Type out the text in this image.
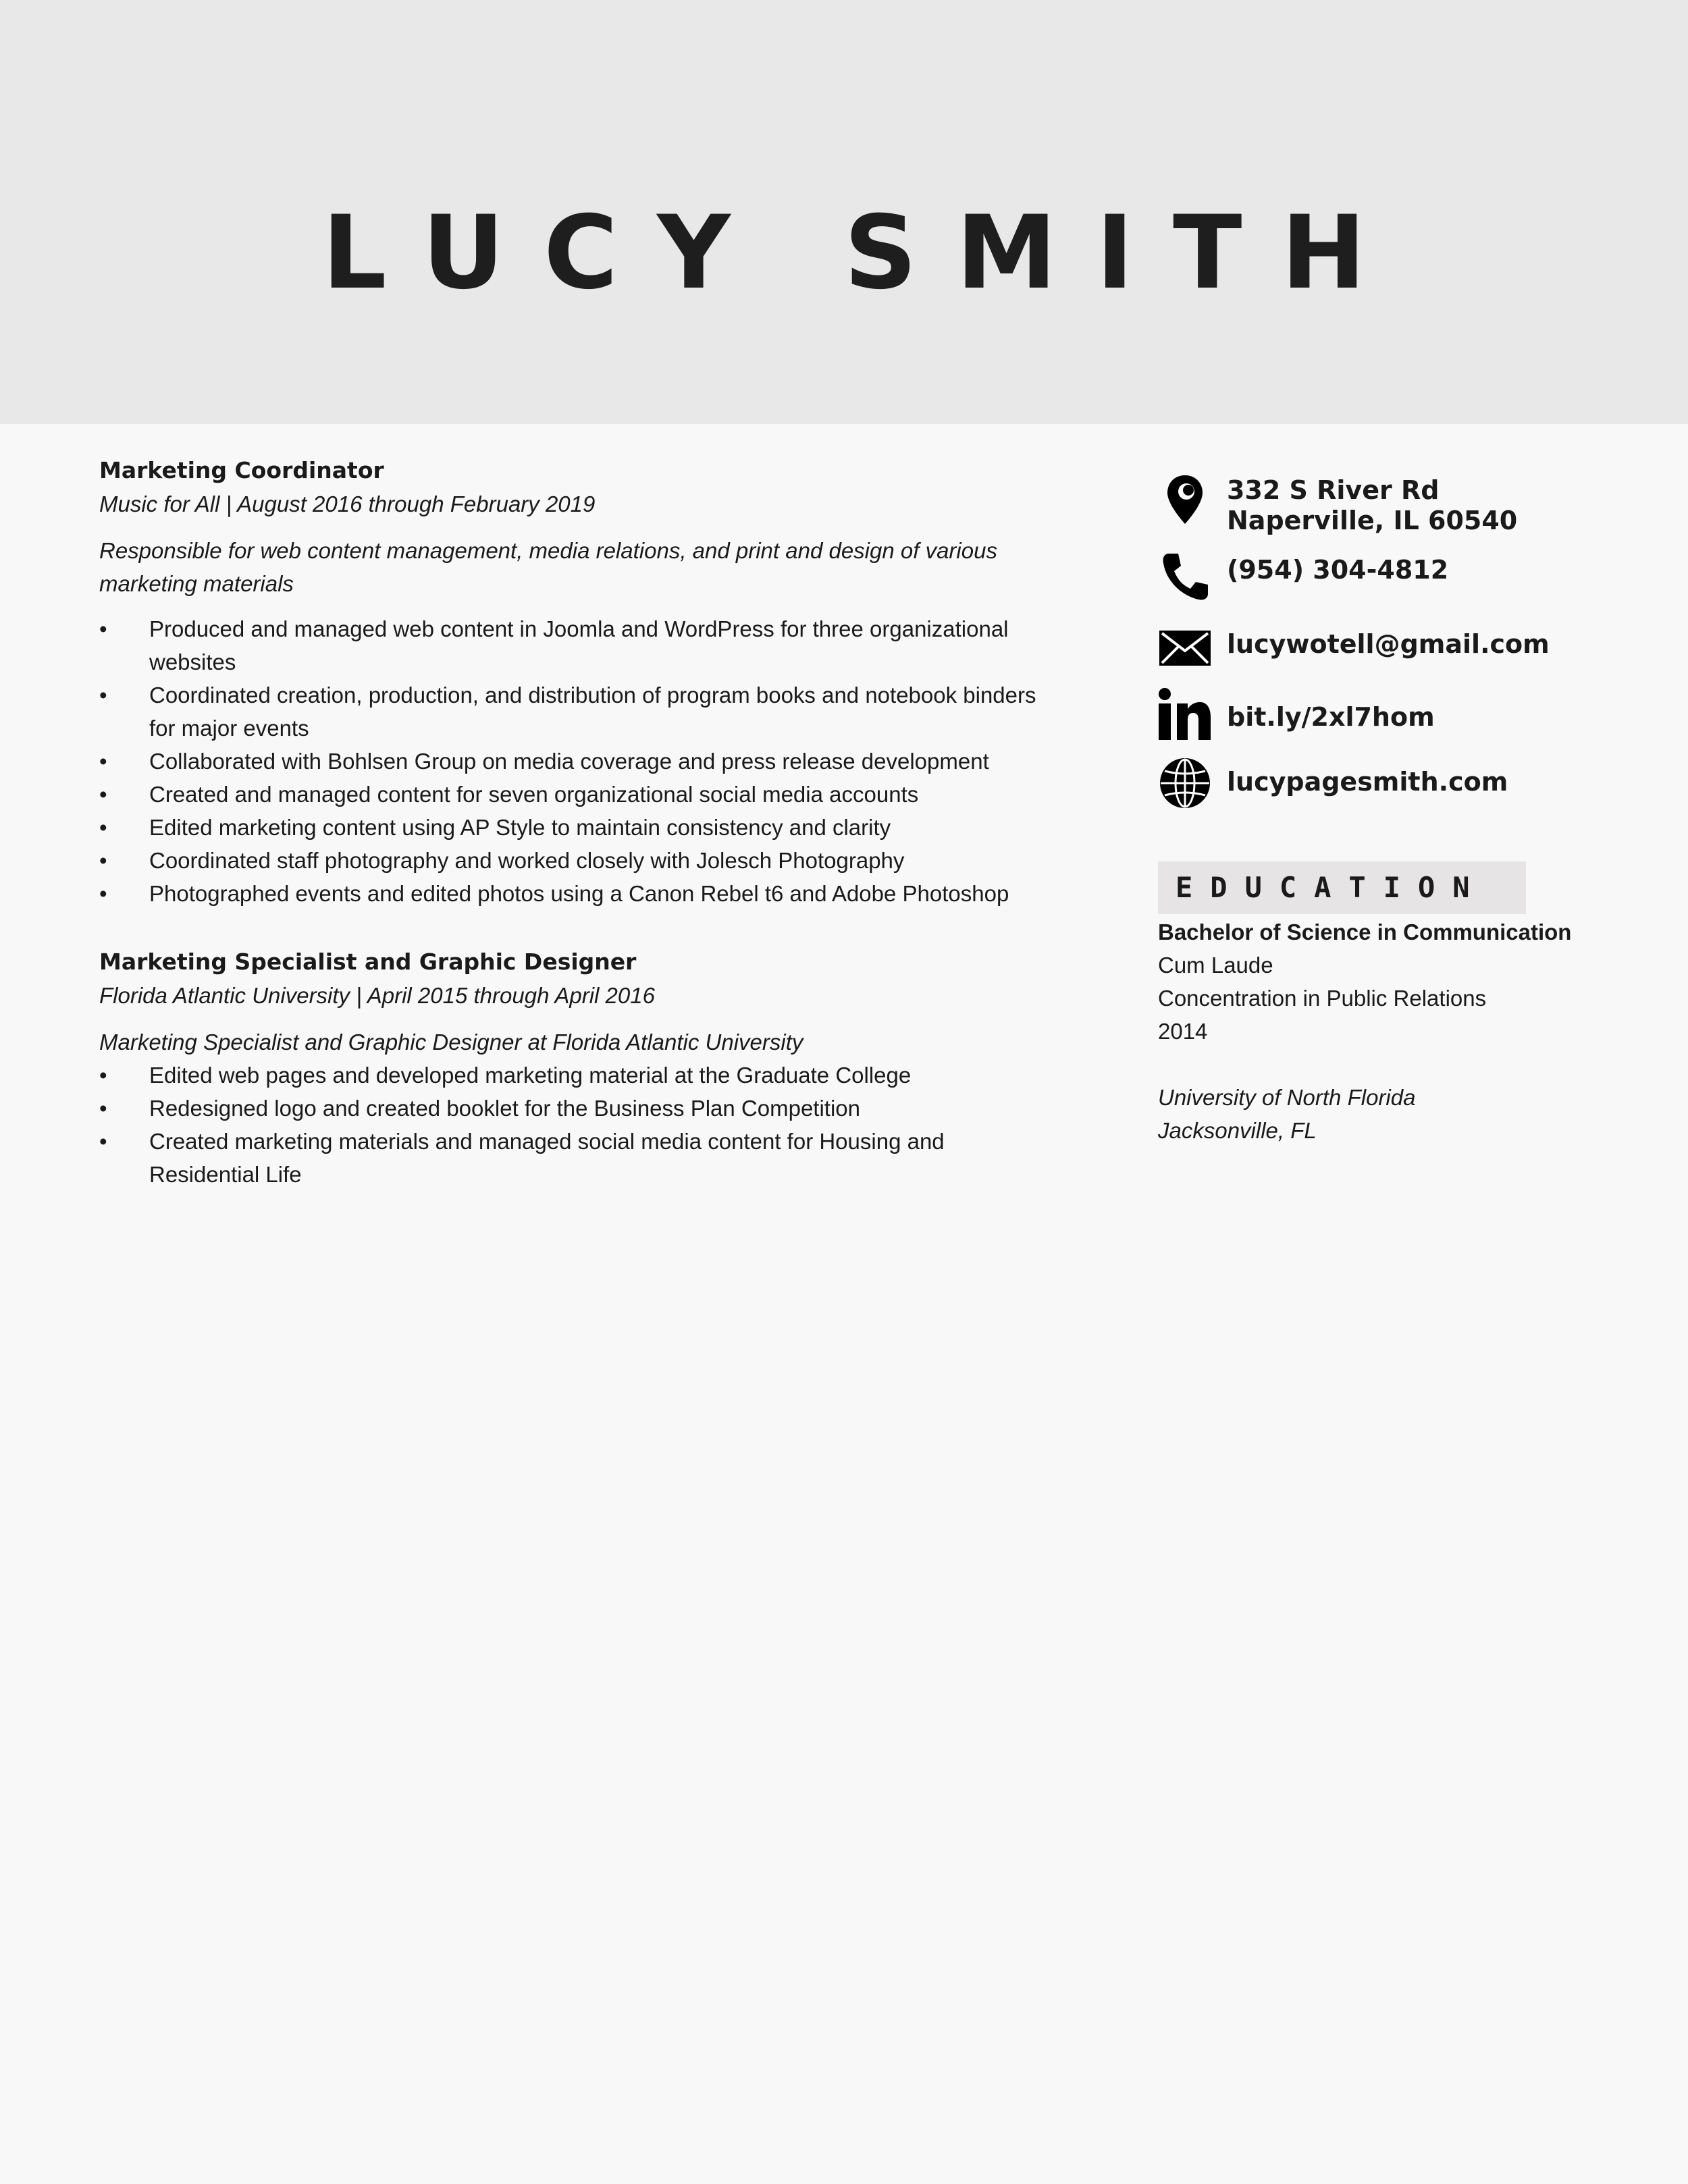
LUCY SMITH
Marketing Coordinator
Music for All | August 2016 through February 2019
Responsible for web content management, media relations, and print and design of various marketing materials
• Produced and managed web content in Joomla and WordPress for three organizational websites
• Coordinated creation, production, and distribution of program books and notebook binders for major events
• Collaborated with Bohlsen Group on media coverage and press release development
• Created and managed content for seven organizational social media accounts
• Edited marketing content using AP Style to maintain consistency and clarity
• Coordinated staff photography and worked closely with Jolesch Photography
• Photographed events and edited photos using a Canon Rebel t6 and Adobe Photoshop
Marketing Specialist and Graphic Designer
Florida Atlantic University | April 2015 through April 2016
Marketing Specialist and Graphic Designer at Florida Atlantic University
• Edited web pages and developed marketing material at the Graduate College
• Redesigned logo and created booklet for the Business Plan Competition
• Created marketing materials and managed social media content for Housing and Residential Life
332 S River Rd
Naperville, IL 60540
(954) 304-4812
lucywotell@gmail.com
bit.ly/2xl7hom
lucypagesmith.com
EDUCATION
Bachelor of Science in Communication
Cum Laude
Concentration in Public Relations
2014
University of North Florida
Jacksonville, FL
